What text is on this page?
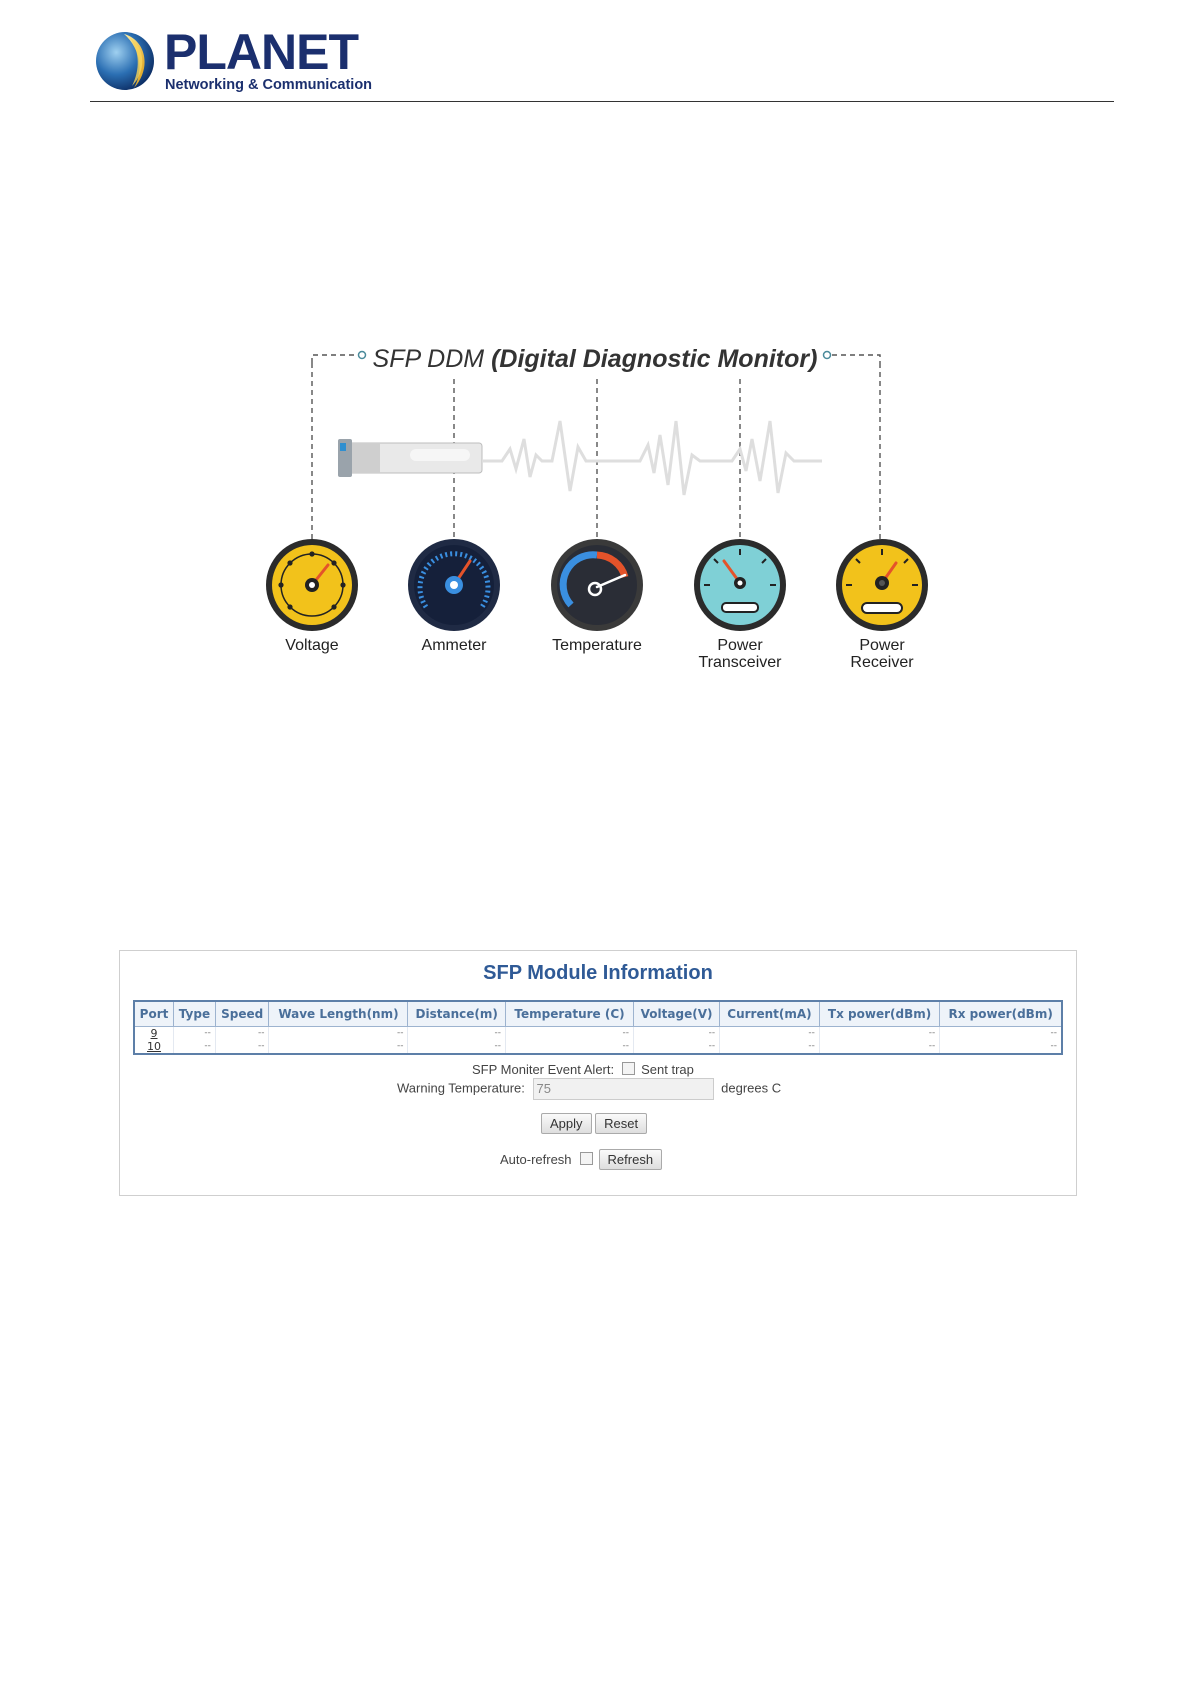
PLANET
Networking & Communication
SFP DDM (Digital Diagnostic Monitor)
Voltage	Ammeter	Temperature	Power
Transceiver
Power
Receiver
SFP Module Information
Port	Type	Speed	Wave Length(nm)	Distance(m)	Temperature (C)	Voltage(V)	Current(mA)	Tx power(dBm)	Rx power(dBm)
9	--	--	--	--	--	--	--	--	--
10	--	--	--	--	--	--	--	--	--
SFP Moniter Event Alert: Sent trap
Warning Temperature: 75	degrees C
Apply Reset
Auto-refresh	Refresh
